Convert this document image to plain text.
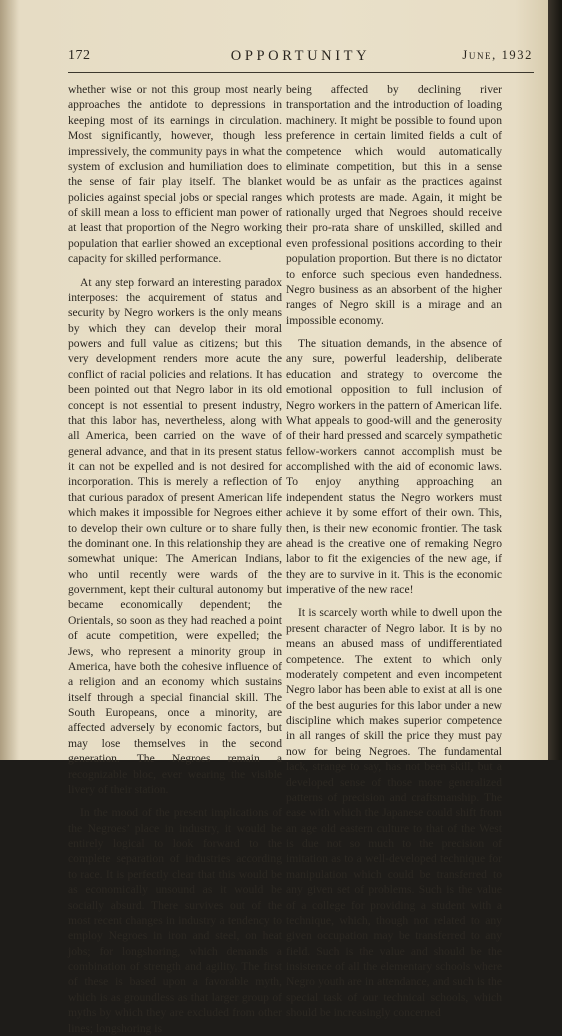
172	OPPORTUNITY	June, 1932

whether wise or not this group most nearly approaches the antidote to depressions in keeping most of its earnings in circulation. Most significantly, however, though less impressively, the community pays in what the system of exclusion and humiliation does to the sense of fair play itself. The blanket policies against special jobs or special ranges of skill mean a loss to efficient man power of at least that proportion of the Negro working population that earlier showed an exceptional capacity for skilled performance.

At any step forward an interesting paradox interposes: the acquirement of status and security by Negro workers is the only means by which they can develop their moral powers and full value as citizens; but this very development renders more acute the conflict of racial policies and relations. It has been pointed out that Negro labor in its old concept is not essential to present industry, that this labor has, nevertheless, along with all America, been carried on the wave of general advance, and that in its present status it can not be expelled and is not desired for incorporation. This is merely a reflection of that curious paradox of present American life which makes it impossible for Negroes either to develop their own culture or to share fully the dominant one. In this relationship they are somewhat unique: The American Indians, who until recently were wards of the government, kept their cultural autonomy but became economically dependent; the Orientals, so soon as they had reached a point of acute competition, were expelled; the Jews, who represent a minority group in America, have both the cohesive influence of a religion and an economy which sustains itself through a special financial skill. The South Europeans, once a minority, are affected adversely by economic factors, but may lose themselves in the second generation. The Negroes remain a recognizable bloc, ever wearing the visible livery of their station.

In the mood of the present implications of the Negroes’ place in industry, it would be entirely logical to look forward to the complete separation of industries according to race. It is perfectly clear that this would be as economically unsound as it would be socially absurd. There survives out of the most recent changes in industry a tendency to employ Negroes in iron and steel, on heat jobs; for longshoring, which demands a combination of strength and agility. The first of these is based upon a favorable myth, which is as groundless as that larger group of myths by which they are excluded from other lines; longshoring is

being affected by declining river transportation and the introduction of loading machinery. It might be possible to found upon preference in certain limited fields a cult of competence which would automatically eliminate competition, but this in a sense would be as unfair as the practices against which protests are made. Again, it might be rationally urged that Negroes should receive their pro-rata share of unskilled, skilled and even professional positions according to their population proportion. But there is no dictator to enforce such specious even handedness. Negro business as an absorbent of the higher ranges of Negro skill is a mirage and an impossible economy.

The situation demands, in the absence of any sure, powerful leadership, deliberate education and strategy to overcome the emotional opposition to full inclusion of Negro workers in the pattern of American life. What appeals to good-will and the generosity of their hard pressed and scarcely sympathetic fellow-workers cannot accomplish must be accomplished with the aid of economic laws. To enjoy anything approaching an independent status the Negro workers must achieve it by some effort of their own. This, then, is their new economic frontier. The task ahead is the creative one of remaking Negro labor to fit the exigencies of the new age, if they are to survive in it. This is the economic imperative of the new race!

It is scarcely worth while to dwell upon the present character of Negro labor. It is by no means an abused mass of undifferentiated competence. The extent to which only moderately competent and even incompetent Negro labor has been able to exist at all is one of the best auguries for this labor under a new discipline which makes superior competence in all ranges of skill the price they must pay now for being Negroes. The fundamental lack, strange to say, has not been skill, but a developed sense of those more generalized patterns of precision and craftsmanship. The ease with which the Japanese could shift from an age old eastern culture to that of the West is due not so much to the precision of imitation as to a well-developed technique for manipulation which could be transferred to any given set of problems. Such is the value of a college for providing a student with a technique, which, though not related to any given occupation may be transferred to any field. Such is the value and should be the insistence of all the elementary schools where Negro youth are in attendance, and such is the special task of our technical schools, which should be increasingly concerned
